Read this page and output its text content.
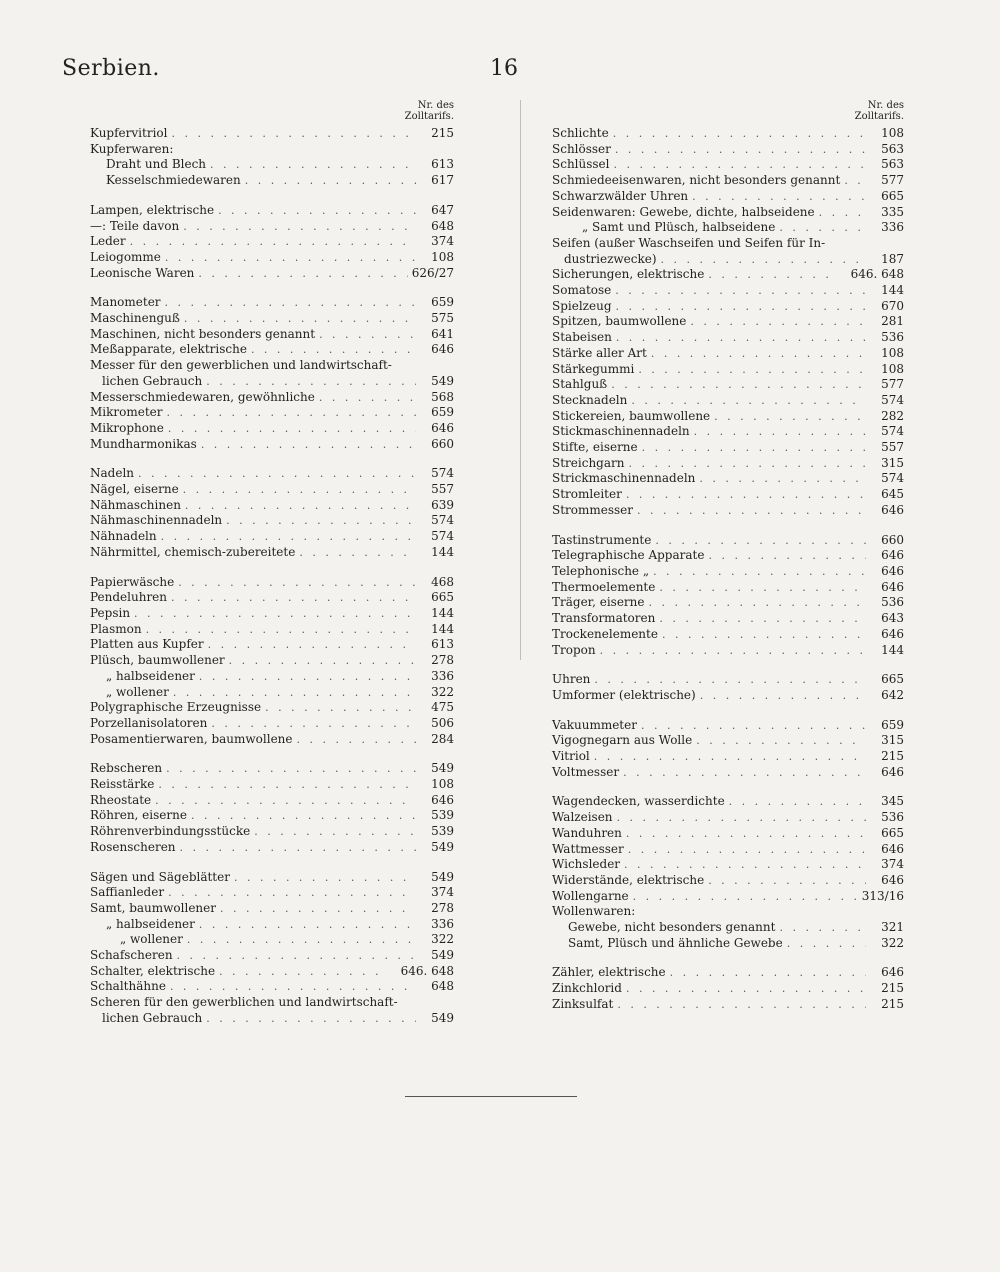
Serbien.	16
Nr. des
Zolltarifs.
Kupfervitriol . . .	215
Kupferwaren:
Draht und Blech . . .	613
Kesselschmiedewaren . . .	617
Lampen, elektrische . . .	647
—: Teile davon . . .	648
Leder . . .	374
Leiogomme . . .	108
Leonische Waren . . .	626/27
Manometer . . .	659
Maschinenguß . . .	575
Maschinen, nicht besonders genannt . . .	641
Meßapparate, elektrische . . .	646
Messer für den gewerblichen und landwirtschaft-
lichen Gebrauch . . .	549
Messerschmiedewaren, gewöhnliche . . .	568
Mikrometer . . .	659
Mikrophone . . .	646
Mundharmonikas . . .	660
Nadeln . . .	574
Nägel, eiserne . . .	557
Nähmaschinen . . .	639
Nähmaschinennadeln . . .	574
Nähnadeln . . .	574
Nährmittel, chemisch-zubereitete . . .	144
Papierwäsche . . .	468
Pendeluhren . . .	665
Pepsin . . .	144
Plasmon . . .	144
Platten aus Kupfer . . .	613
Plüsch, baumwollener . . .	278
„ halbseidener . . .	336
„ wollener . . .	322
Polygraphische Erzeugnisse . . .	475
Porzellanisolatoren . . .	506
Posamentierwaren, baumwollene . . .	284
Rebscheren . . .	549
Reisstärke . . .	108
Rheostate . . .	646
Röhren, eiserne . . .	539
Röhrenverbindungsstücke . . .	539
Rosenscheren . . .	549
Sägen und Sägeblätter . . .	549
Saffianleder . . .	374
Samt, baumwollener . . .	278
„ halbseidener . . .	336
„ wollener . . .	322
Schafscheren . . .	549
Schalter, elektrische . . .	646. 648
Schalthähne . . .	648
Scheren für den gewerblichen und landwirtschaft-
lichen Gebrauch . . .	549
Nr. des
Zolltarifs.
Schlichte . . .	108
Schlösser . . .	563
Schlüssel . . .	563
Schmiedeeisenwaren, nicht besonders genannt . . .	577
Schwarzwälder Uhren . . .	665
Seidenwaren: Gewebe, dichte, halbseidene . . .	335
„ Samt und Plüsch, halbseidene . . .	336
Seifen (außer Waschseifen und Seifen für In-
dustriezwecke) . . .	187
Sicherungen, elektrische . . .	646. 648
Somatose . . .	144
Spielzeug . . .	670
Spitzen, baumwollene . . .	281
Stabeisen . . .	536
Stärke aller Art . . .	108
Stärkegummi . . .	108
Stahlguß . . .	577
Stecknadeln . . .	574
Stickereien, baumwollene . . .	282
Stickmaschinennadeln . . .	574
Stifte, eiserne . . .	557
Streichgarn . . .	315
Strickmaschinennadeln . . .	574
Stromleiter . . .	645
Strommesser . . .	646
Tastinstrumente . . .	660
Telegraphische Apparate . . .	646
Telephonische „ . . .	646
Thermoelemente . . .	646
Träger, eiserne . . .	536
Transformatoren . . .	643
Trockenelemente . . .	646
Tropon . . .	144
Uhren . . .	665
Umformer (elektrische) . . .	642
Vakuummeter . . .	659
Vigognegarn aus Wolle . . .	315
Vitriol . . .	215
Voltmesser . . .	646
Wagendecken, wasserdichte . . .	345
Walzeisen . . .	536
Wanduhren . . .	665
Wattmesser . . .	646
Wichsleder . . .	374
Widerstände, elektrische . . .	646
Wollengarne . . .	313/16
Wollenwaren:
Gewebe, nicht besonders genannt . . .	321
Samt, Plüsch und ähnliche Gewebe . . .	322
Zähler, elektrische . . .	646
Zinkchlorid . . .	215
Zinksulfat . . .	215
